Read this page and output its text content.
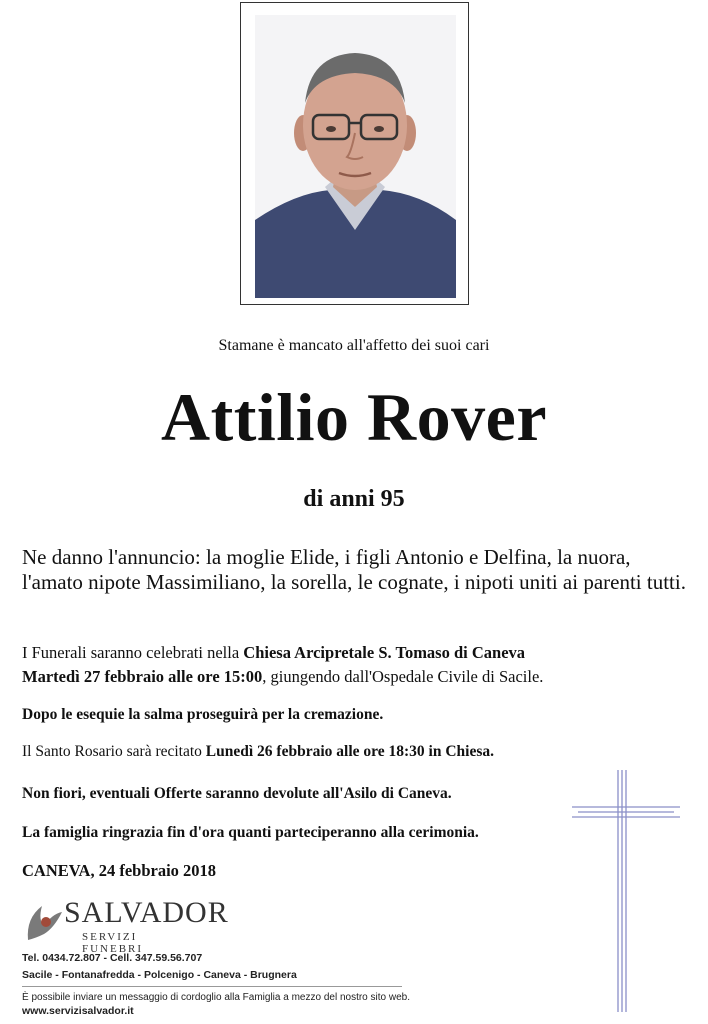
Stamane è mancato all'affetto dei suoi cari
Attilio Rover
di anni 95
Ne danno l'annuncio: la moglie Elide, i figli Antonio e Delfina, la nuora, l'amato nipote Massimiliano, la sorella, le cognate, i nipoti uniti ai parenti tutti.
I Funerali saranno celebrati nella Chiesa Arcipretale S. Tomaso di Caneva
Martedì 27 febbraio alle ore 15:00, giungendo dall'Ospedale Civile di Sacile.
Dopo le esequie la salma proseguirà per la cremazione.
Il Santo Rosario sarà recitato Lunedì 26 febbraio alle ore 18:30 in Chiesa.
Non fiori, eventuali Offerte saranno devolute all'Asilo di Caneva.
La famiglia ringrazia fin d'ora quanti parteciperanno alla cerimonia.
CANEVA, 24 febbraio 2018
SALVADOR
SERVIZI FUNEBRI
Tel. 0434.72.807 - Cell. 347.59.56.707
Sacile - Fontanafredda - Polcenigo - Caneva - Brugnera
È possibile inviare un messaggio di cordoglio alla Famiglia a mezzo del nostro sito web.
www.servizisalvador.it
